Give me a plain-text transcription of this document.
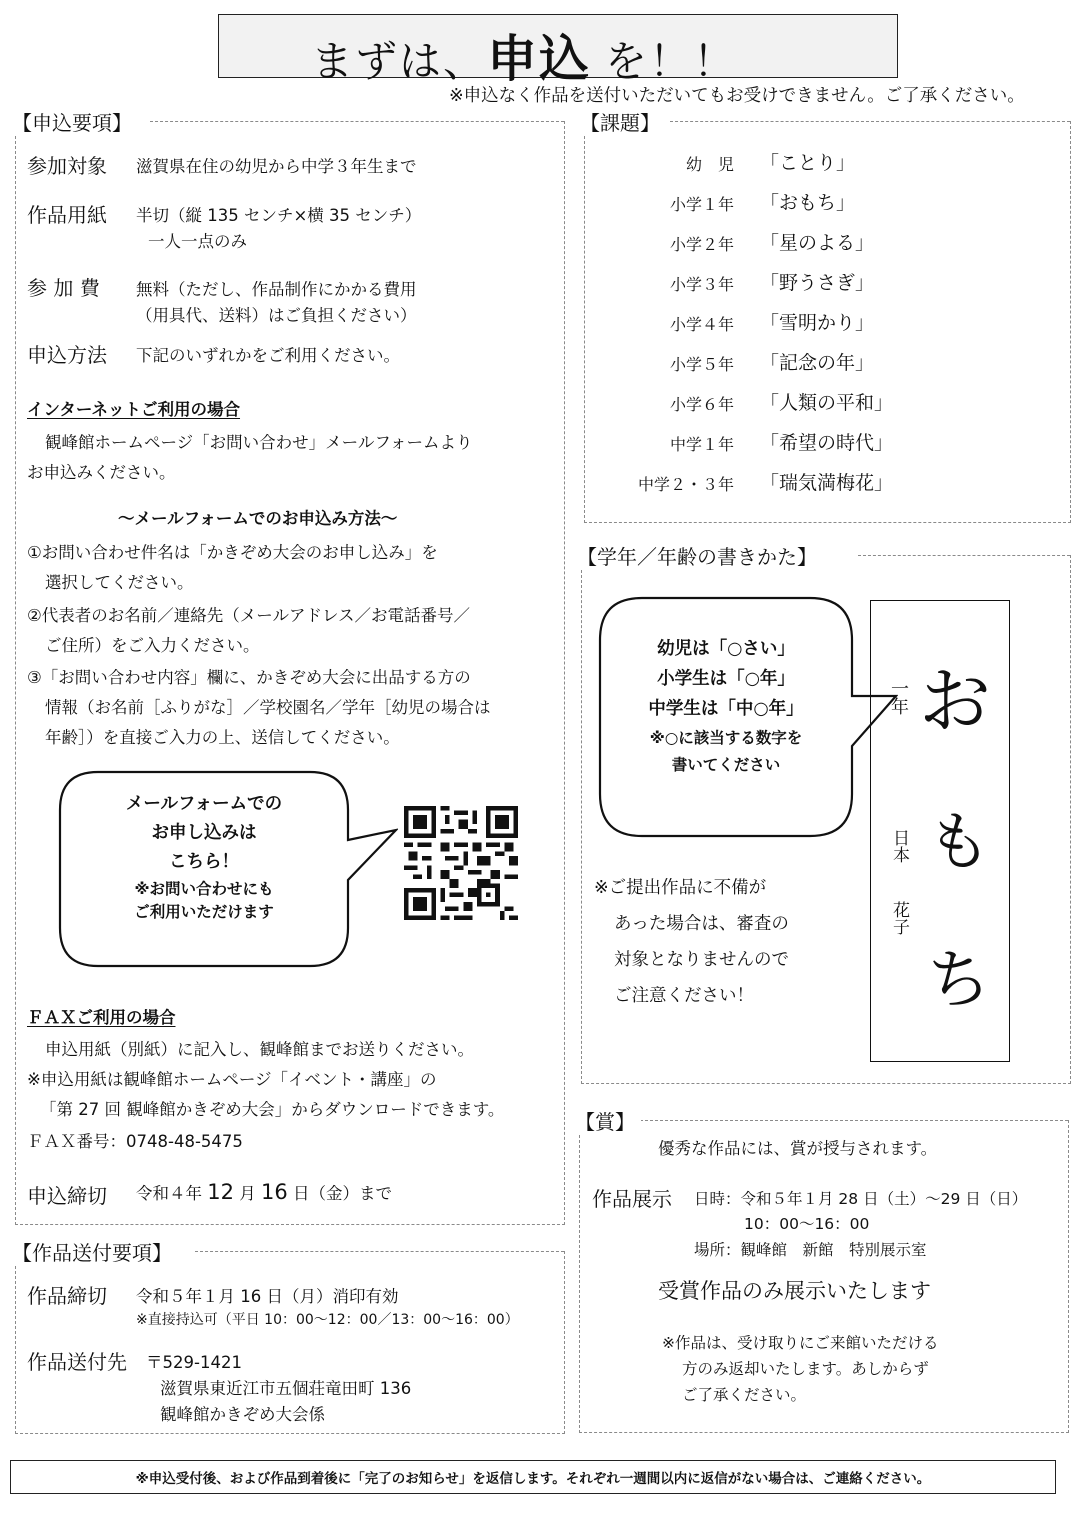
まずは、申込 を！！
※申込なく作品を送付いただいてもお受けできません。ご了承ください。
【申込要項】
参加対象 滋賀県在住の幼児から中学３年生まで
作品用紙 半切（縦 135 センチ×横 35 センチ）
一人一点のみ
参 加 費 無料（ただし、作品制作にかかる費用
（用具代、送料）はご負担ください）
申込方法 下記のいずれかをご利用ください。
インターネットご利用の場合
観峰館ホームページ「お問い合わせ」メールフォームより
お申込みください。
～メールフォームでのお申込み方法～
①お問い合わせ件名は「かきぞめ大会のお申し込み」を
選択してください。
②代表者のお名前／連絡先（メールアドレス／お電話番号／
ご住所）をご入力ください。
③「お問い合わせ内容」欄に、かきぞめ大会に出品する方の
情報（お名前［ふりがな］／学校園名／学年［幼児の場合は
年齢］）を直接ご入力の上、送信してください。
メールフォームでの
お申し込みは
こちら！
※お問い合わせにも
ご利用いただけます
ＦＡＸご利用の場合
申込用紙（別紙）に記入し、観峰館までお送りください。
※申込用紙は観峰館ホームページ「イベント・講座」の
「第 27 回 観峰館かきぞめ大会」からダウンロードできます。
ＦＡＸ番号：0748-48-5475
申込締切 令和４年 12 月 16 日（金）まで
【作品送付要項】
作品締切 令和５年１月 16 日（月）消印有効
※直接持込可（平日 10：00～12：00／13：00～16：00）
作品送付先 〒529-1421
滋賀県東近江市五個荘竜田町 136
観峰館かきぞめ大会係
【課題】
幼　児 「ことり」
小学１年 「おもち」
小学２年 「星のよる」
小学３年 「野うさぎ」
小学４年 「雪明かり」
小学５年 「記念の年」
小学６年 「人類の平和」
中学１年 「希望の時代」
中学２・３年 「瑞気満梅花」
【学年／年齢の書きかた】
幼児は「○さい」
小学生は「○年」
中学生は「中○年」
※○に該当する数字を
書いてください
※ご提出作品に不備が
あった場合は、審査の
対象となりませんので
ご注意ください！
一年 お
も
ち
日本
花子
【賞】
優秀な作品には、賞が授与されます。
作品展示 日時：令和５年１月 28 日（土）～29 日（日）
10：00～16：00
場所：観峰館　新館　特別展示室
受賞作品のみ展示いたします
※作品は、受け取りにご来館いただける
方のみ返却いたします。あしからず
ご了承ください。
※申込受付後、および作品到着後に「完了のお知らせ」を返信します。それぞれ一週間以内に返信がない場合は、ご連絡ください。
